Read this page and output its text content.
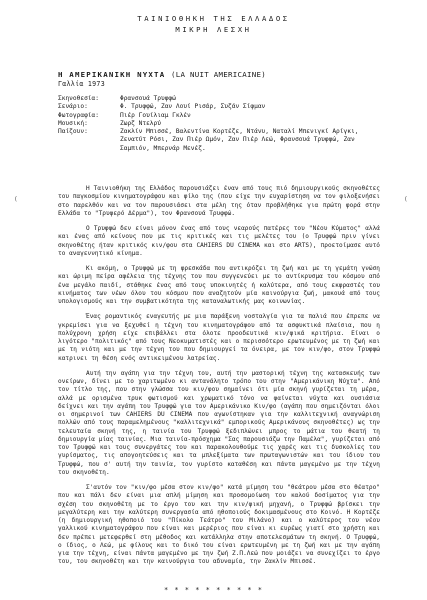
ΤΑΙΝΙΟΘΗΚΗ ΤΗΣ ΕΛΛΑΔΟΣ
ΜΙΚΡΗ ΛΕΣΧΗ
Η ΑΜΕΡΙΚΑΝΙΚΗ ΝΥΧΤΑ (LA NUIT AMERICAINE)
Γαλλία 1973
Σκηνοθεσία:	Φρανσουά Τρυφφώ
Σενάριο:	Φ. Τρυφφώ, Ζαν Λουί Ρισάρ, Συζάν Σίφμαν
Φωτογραφία:	Πιέρ Γουίλιαμ Γκλέν
Μουσική:	Ζωρζ Ντελρύ
Παίζουν:	Ζακλίν Μπισσέ, Βαλεντίνα Κορτέζε, Ντάνυ, Ναταλί Μπενιγκί Αρίγκι, Ζενατύτ Ρόσι, Ζαν Πιέρ Ωμόν, Ζαν Πιέρ Λεώ, Φρανσουά Τρυφφώ, Ζαν Σαμπιόν, Μπερνάρ Μενέζ.

Η Ταινιοθήκη της Ελλάδος παρουσιάζει έναν από τους πιό δημιουργικούς σκηνοθέτες του παγκοσμίου κινηματογράφου και φίλο της (που είχε την ευχαρίστηση να τον φιλοξενήσει στο παρελθόν και να τον παρουσιάσει στα μέλη της όταν προβλήθηκε για πρώτη φορά στην Ελλάδα το "Τρυφερό Δέρμα"), τον Φρανσουά Τρυφφώ.

Ο Τρυφφώ δεν είναι μόνον ένας από τους νεαρούς πατέρες του "Νέου Κύματος" αλλά και ένας από κείνους που με τις κριτικές και τις μελέτες του (ο Τρυφφώ πριν γίνει σκηνοθέτης ήταν κριτικός κιν/φου στα CAHIERS DU CINEMA και στο ARTS), προετοίμασε αυτό το αναγεννητικό κίνημα.

Κι ακόμη, ο Τρυφφώ με τη φρεσκάδα που αντικρόζει τη ζωή και με τη γεμάτη γνώση και ώριμη πείρα αφέλεια της τέχνης του που συγγενεύει με το αντίκρυσμα του κόσμου από ένα μεγάλο παιδί, στάθηκε ένας από τους υποκινητές ή καλύτερα, από τους εκφραστές του κινήματος των νέων όλου του κόσμου που αναζητούν μία καινούργια ζωή, μακουά από τους υπολογισμούς και την συμβατικότητα της καταναλωτικής μας κοινωνίας.

Ένας ρομαντικός εναγευτής με μια παράξενη νοσταλγία για τα παλιά που έπρεπε να γκρεμίσει για να ξεχυθεί η τέχνη του κινηματογράφου από τα ασφυκτικά πλαίσια, που η πολύχρονη χρήση είχε επιβάλλει στα όλοτε προοδευτικά κιν/φικά κριτήρια. Είναι ο λιγότερο "πολιτικός" από τους Νεοκυματιστές και ο περισσότερο ερωτευμένος με τη ζωή και με τη νιότη και με την τέχνη του που δημιουργεί τα όνειρα, με τον κιν/φο, στον Τρυφφώ κατρινει τη θέση ενός αντικειμένου λατρείας.

Αυτή την αγάπη για την τέχνη του, αυτή την μαστορική τέχνη της κατασκευής των ονείρων, δίνει με το χαριτωμένο κι αντανάλητο τρόπο του στην "Αμερικάνικη Νύχτα". Από τον τίτλο της, που στην γλώσσα του κιν/φου σημαίνει ότι μία σκηνή γυρίζεται τη μέρα, αλλά με ορισμένα τρυκ φωτισμού και χρωματικό τόνο να φαίνεται νύχτα και ουσιάσια δείχνει και την αγάπη του Τρυφφώ για τον Αμερικάνικο Κιν/φο (αγάπη που σημειζόνται όλοι οι σημερινοί των CAHIERS DU CINEMA που αγωνίστηκαν για την καλλιτεχνική αναγνώριση πολλών από τους παραμελημένους "καλλιτεχνικά" εμπορικούς Αμερικάνους σκηνοθέτες) ως την τελευταία σκηνή της, η ταινία του Τρυφφώ ξεδιπλώνει μπρος το μάτια του θεατή τη δημιουργία μίας ταινίας. Μια ταινία-πρόσχημα "Σας παρουσιάζω την Παμέλα", γυρίζεται από τον Τρυφφώ και τους συνεργάτες του και παρακολουθούμε τις χαρές και τις δυσκολίες του γυρίσματος, τις απογοητεύσεις και τα μπλεξίματα των πρωταγωνιστών και του ίδιου του Τρυφφώ, που σ' αυτή την ταινία, τον γυρίστο καταθέση και πάντα μαγεμένο με την τέχνη του σκηνοθέτη.

Σ'αυτόν τον "κιν/φο μέσα στον κιν/φο" κατά μίμηση του "θεάτρου μέσα στο θέατρο" που και πάλι δεν είναι μια απλή μίμηση και προσομοίωση του καλού δοσίματος για την σχέση του σκηνοθέτη με το έργο του και την κιν/φική μηχανή, ο Τρυφφώ βρίσκει την μεγαλύτερη και την καλύτερη συνεργασία από ηθοποιούς δοκιμασμένους στο Κοινό. Η Κορτέζε (η δημιουργική ηθοποιό του "Πίκολο Τεάτρο" του Μιλάνο) και ο καλύτερος του νέου γαλλικού κινηματογράφου που είναι και μερέριος που είναι κι ευρέως γιατί στο χρήστη και δεν πρέπει μετεφερθεί στη μέθοδος και κατάλληλα στην αποτελεσμάτων τη σκηνή. Ο Τρυφφώ, ο ίδιος, ο Λεώ, με φίλους και το δικό του είναι ερωτευμένη με τη ζωή και με την αγάπη για την τέχνη, είναι πάντα μαγεμένο με την ζωή Ζ.Π.Λεώ που μοιάζει να συνεχίζει το έργο του, του σκηνοθέτη και την καινούργια του αδυναμία, την Ζακλίν Μπισσέ.

(	(
* * * * * * * * * *
